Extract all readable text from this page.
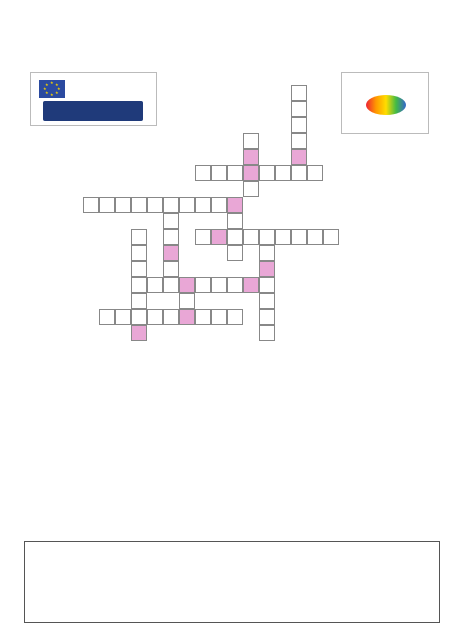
★ ★
★
★
★
★
★
★
